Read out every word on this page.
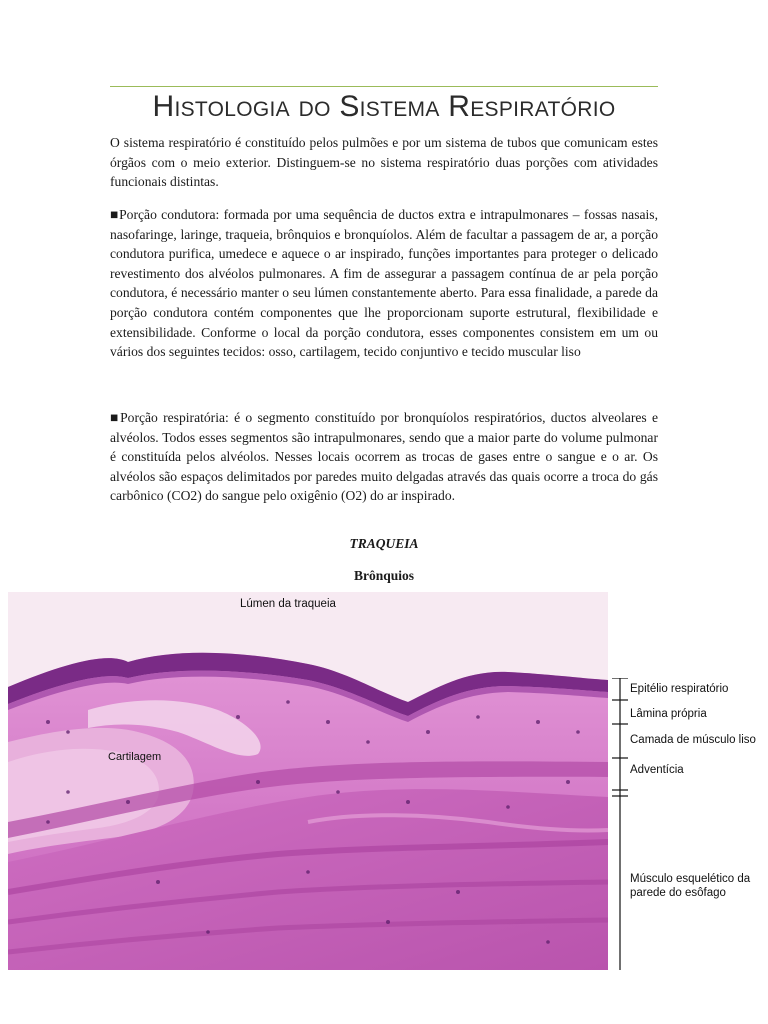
Histologia do Sistema Respiratório

O sistema respiratório é constituído pelos pulmões e por um sistema de tubos que comunicam estes órgãos com o meio exterior. Distinguem-se no sistema respiratório duas porções com atividades funcionais distintas.

■Porção condutora: formada por uma sequência de ductos extra e intrapulmonares – fossas nasais, nasofaringe, laringe, traqueia, brônquios e bronquíolos. Além de facultar a passagem de ar, a porção condutora purifica, umedece e aquece o ar inspirado, funções importantes para proteger o delicado revestimento dos alvéolos pulmonares. A fim de assegurar a passagem contínua de ar pela porção condutora, é necessário manter o seu lúmen constantemente aberto. Para essa finalidade, a parede da porção condutora contém componentes que lhe proporcionam suporte estrutural, flexibilidade e extensibilidade. Conforme o local da porção condutora, esses componentes consistem em um ou vários dos seguintes tecidos: osso, cartilagem, tecido conjuntivo e tecido muscular liso

■Porção respiratória: é o segmento constituído por bronquíolos respiratórios, ductos alveolares e alvéolos. Todos esses segmentos são intrapulmonares, sendo que a maior parte do volume pulmonar é constituída pelos alvéolos. Nesses locais ocorrem as trocas de gases entre o sangue e o ar. Os alvéolos são espaços delimitados por paredes muito delgadas através das quais ocorre a troca do gás carbônico (CO2) do sangue pelo oxigênio (O2) do ar inspirado.

TRAQUEIA
Brônquios
Lúmen da traqueia
Cartilagem
Epitélio respiratório
Lâmina própria
Camada de músculo liso
Adventícia
Músculo esquelético da parede do esôfago
